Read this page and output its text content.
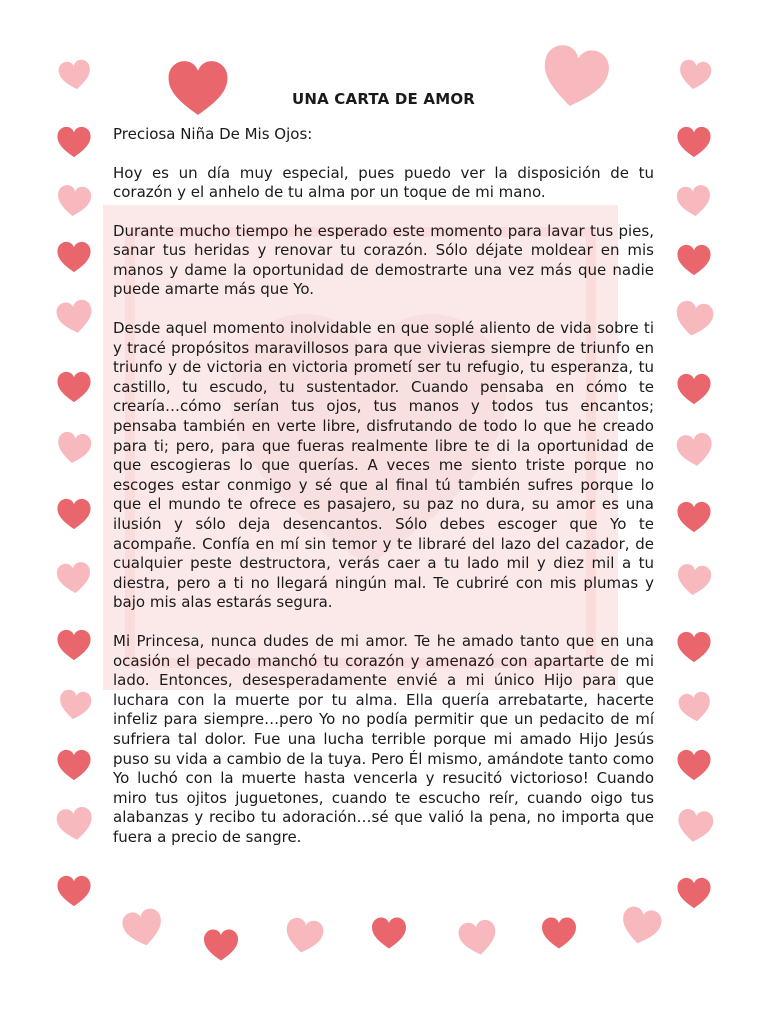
UNA CARTA DE AMOR
Preciosa Niña De Mis Ojos:

Hoy es un día muy especial, pues puedo ver la disposición de tu corazón y el anhelo de tu alma por un toque de mi mano.

Durante mucho tiempo he esperado este momento para lavar tus pies, sanar tus heridas y renovar tu corazón. Sólo déjate moldear en mis manos y dame la oportunidad de demostrarte una vez más que nadie puede amarte más que Yo.

Desde aquel momento inolvidable en que soplé aliento de vida sobre ti y tracé propósitos maravillosos para que vivieras siempre de triunfo en triunfo y de victoria en victoria prometí ser tu refugio, tu esperanza, tu castillo, tu escudo, tu sustentador. Cuando pensaba en cómo te crearía…cómo serían tus ojos, tus manos y todos tus encantos; pensaba también en verte libre, disfrutando de todo lo que he creado para ti; pero, para que fueras realmente libre te di la oportunidad de que escogieras lo que querías. A veces me siento triste porque no escoges estar conmigo y sé que al final tú también sufres porque lo que el mundo te ofrece es pasajero, su paz no dura, su amor es una ilusión y sólo deja desencantos. Sólo debes escoger que Yo te acompañe. Confía en mí sin temor y te libraré del lazo del cazador, de cualquier peste destructora, verás caer a tu lado mil y diez mil a tu diestra, pero a ti no llegará ningún mal. Te cubriré con mis plumas y bajo mis alas estarás segura.

Mi Princesa, nunca dudes de mi amor. Te he amado tanto que en una ocasión el pecado manchó tu corazón y amenazó con apartarte de mi lado. Entonces, desesperadamente envié a mi único Hijo para que luchara con la muerte por tu alma. Ella quería arrebatarte, hacerte infeliz para siempre…pero Yo no podía permitir que un pedacito de mí sufriera tal dolor. Fue una lucha terrible porque mi amado Hijo Jesús puso su vida a cambio de la tuya. Pero Él mismo, amándote tanto como Yo luchó con la muerte hasta vencerla y resucitó victorioso! Cuando miro tus ojitos juguetones, cuando te escucho reír, cuando oigo tus alabanzas y recibo tu adoración…sé que valió la pena, no importa que fuera a precio de sangre.
